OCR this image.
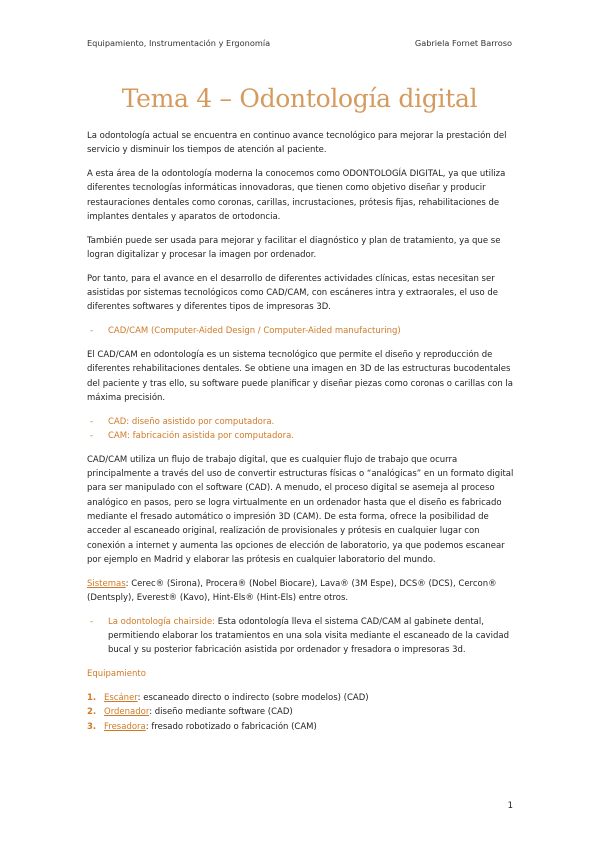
Equipamiento, Instrumentación y Ergonomía	Gabriela Fornet Barroso
Tema 4 – Odontología digital

La odontología actual se encuentra en continuo avance tecnológico para mejorar la prestación del servicio y disminuir los tiempos de atención al paciente.

A esta área de la odontología moderna la conocemos como ODONTOLOGÍA DIGITAL, ya que utiliza diferentes tecnologías informáticas innovadoras, que tienen como objetivo diseñar y producir restauraciones dentales como coronas, carillas, incrustaciones, prótesis fijas, rehabilitaciones de implantes dentales y aparatos de ortodoncia.

También puede ser usada para mejorar y facilitar el diagnóstico y plan de tratamiento, ya que se logran digitalizar y procesar la imagen por ordenador.

Por tanto, para el avance en el desarrollo de diferentes actividades clínicas, estas necesitan ser asistidas por sistemas tecnológicos como CAD/CAM, con escáneres intra y extraorales, el uso de diferentes softwares y diferentes tipos de impresoras 3D.

-	CAD/CAM (Computer-Aided Design / Computer-Aided manufacturing)

El CAD/CAM en odontología es un sistema tecnológico que permite el diseño y reproducción de diferentes rehabilitaciones dentales. Se obtiene una imagen en 3D de las estructuras bucodentales del paciente y tras ello, su software puede planificar y diseñar piezas como coronas o carillas con la máxima precisión.

-	CAD: diseño asistido por computadora.
-	CAM: fabricación asistida por computadora.

CAD/CAM utiliza un flujo de trabajo digital, que es cualquier flujo de trabajo que ocurra principalmente a través del uso de convertir estructuras físicas o “analógicas” en un formato digital para ser manipulado con el software (CAD). A menudo, el proceso digital se asemeja al proceso analógico en pasos, pero se logra virtualmente en un ordenador hasta que el diseño es fabricado mediante el fresado automático o impresión 3D (CAM). De esta forma, ofrece la posibilidad de acceder al escaneado original, realización de provisionales y prótesis en cualquier lugar con conexión a internet y aumenta las opciones de elección de laboratorio, ya que podemos escanear por ejemplo en Madrid y elaborar las prótesis en cualquier laboratorio del mundo.

Sistemas: Cerec® (Sirona), Procera® (Nobel Biocare), Lava® (3M Espe), DCS® (DCS), Cercon® (Dentsply), Everest® (Kavo), Hint-Els® (Hint-Els) entre otros.

-	La odontología chairside: Esta odontología lleva el sistema CAD/CAM al gabinete dental, permitiendo elaborar los tratamientos en una sola visita mediante el escaneado de la cavidad bucal y su posterior fabricación asistida por ordenador y fresadora o impresoras 3d.
Equipamiento
1. Escáner: escaneado directo o indirecto (sobre modelos) (CAD)
2. Ordenador: diseño mediante software (CAD)
3. Fresadora: fresado robotizado o fabricación (CAM)
1
